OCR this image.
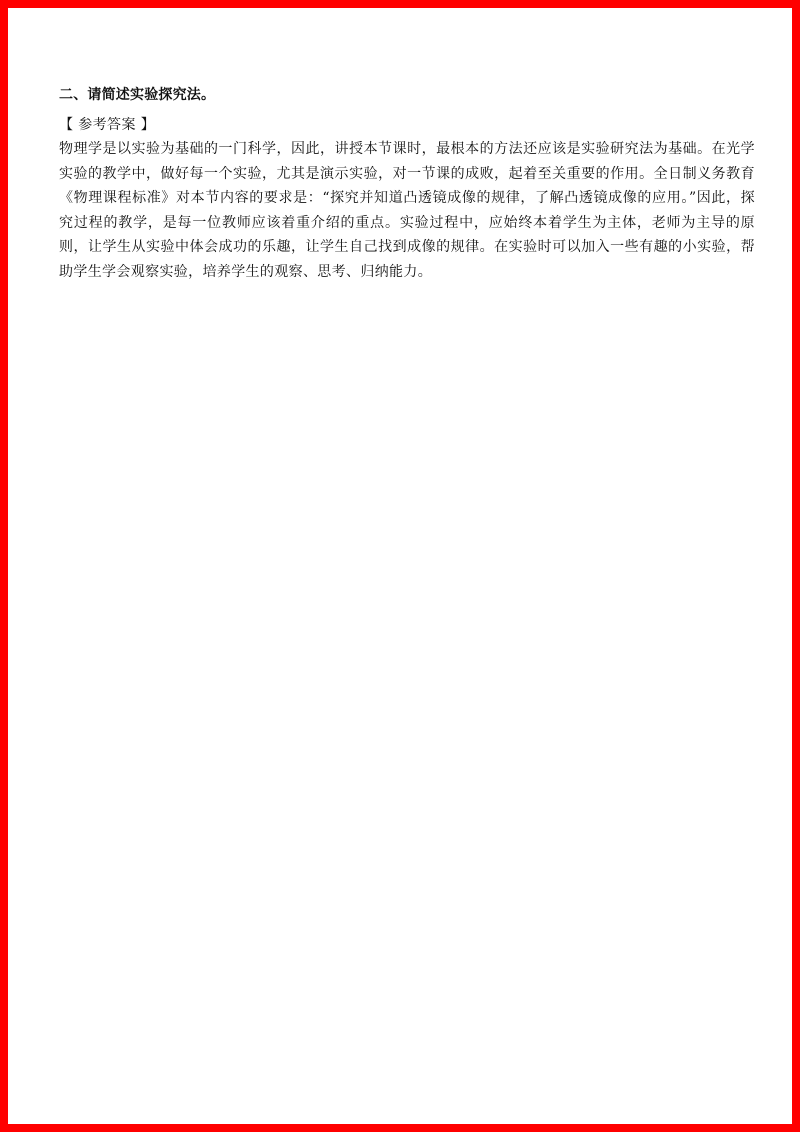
二、请简述实验探究法。

【 参考答案 】

物理学是以实验为基础的一门科学，因此，讲授本节课时，最根本的方法还应该是实验研究法为基础。在光学实验的教学中，做好每一个实验，尤其是演示实验，对一节课的成败，起着至关重要的作用。全日制义务教育《物理课程标准》对本节内容的要求是：“探究并知道凸透镜成像的规律，了解凸透镜成像的应用。”因此，探究过程的教学，是每一位教师应该着重介绍的重点。实验过程中，应始终本着学生为主体，老师为主导的原则，让学生从实验中体会成功的乐趣，让学生自己找到成像的规律。在实验时可以加入一些有趣的小实验，帮助学生学会观察实验，培养学生的观察、思考、归纳能力。
